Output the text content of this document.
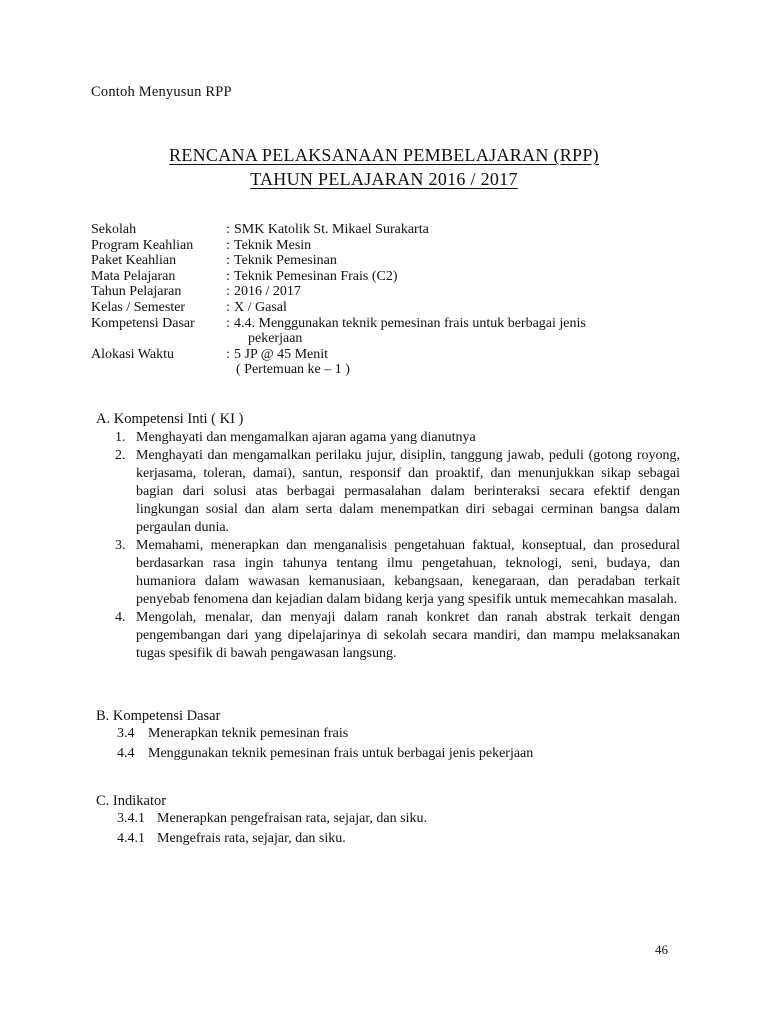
Contoh Menyusun RPP
RENCANA PELAKSANAAN PEMBELAJARAN (RPP)
TAHUN PELAJARAN 2016 / 2017
Sekolah	: SMK Katolik St. Mikael Surakarta
Program Keahlian	: Teknik Mesin
Paket Keahlian	: Teknik Pemesinan
Mata Pelajaran	: Teknik Pemesinan Frais (C2)
Tahun Pelajaran	: 2016 / 2017
Kelas / Semester	: X / Gasal
Kompetensi Dasar	: 4.4. Menggunakan teknik pemesinan frais untuk berbagai jenis
pekerjaan
Alokasi Waktu	: 5 JP @ 45 Menit
( Pertemuan ke – 1 )
A. Kompetensi Inti ( KI )
1. Menghayati dan mengamalkan ajaran agama yang dianutnya
2. Menghayati dan mengamalkan perilaku jujur, disiplin, tanggung jawab, peduli (gotong royong, kerjasama, toleran, damai), santun, responsif dan proaktif, dan menunjukkan sikap sebagai bagian dari solusi atas berbagai permasalahan dalam berinteraksi secara efektif dengan lingkungan sosial dan alam serta dalam menempatkan diri sebagai cerminan bangsa dalam pergaulan dunia.
3. Memahami, menerapkan dan menganalisis pengetahuan faktual, konseptual, dan prosedural berdasarkan rasa ingin tahunya tentang ilmu pengetahuan, teknologi, seni, budaya, dan humaniora dalam wawasan kemanusiaan, kebangsaan, kenegaraan, dan peradaban terkait penyebab fenomena dan kejadian dalam bidang kerja yang spesifik untuk memecahkan masalah.
4. Mengolah, menalar, dan menyaji dalam ranah konkret dan ranah abstrak terkait dengan pengembangan dari yang dipelajarinya di sekolah secara mandiri, dan mampu melaksanakan tugas spesifik di bawah pengawasan langsung.
B. Kompetensi Dasar
3.4 Menerapkan teknik pemesinan frais
4.4 Menggunakan teknik pemesinan frais untuk berbagai jenis pekerjaan
C. Indikator
3.4.1 Menerapkan pengefraisan rata, sejajar, dan siku.
4.4.1 Mengefrais rata, sejajar, dan siku.
46
